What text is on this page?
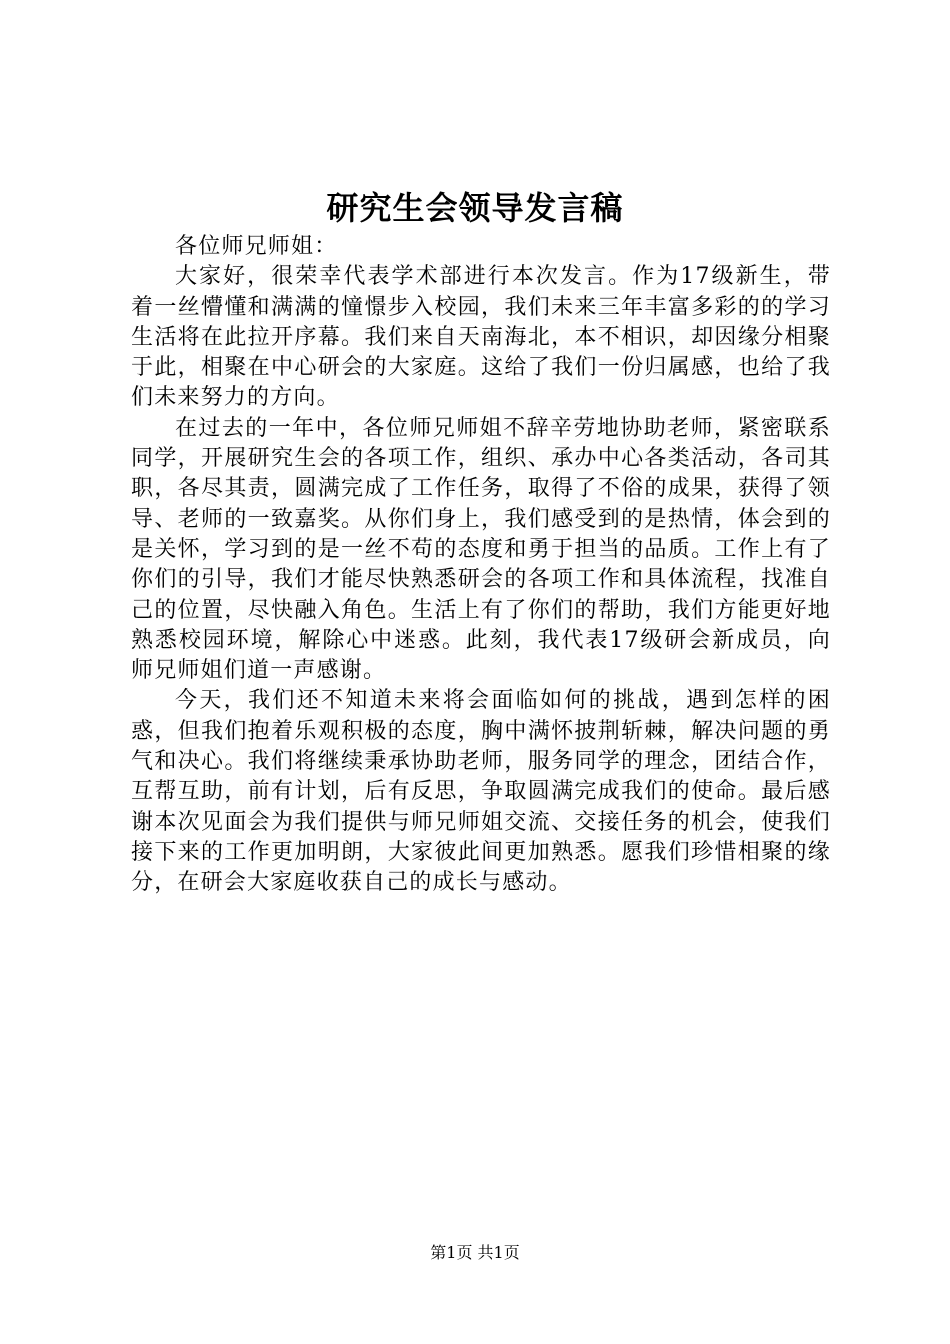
研究生会领导发言稿

各位师兄师姐：

大家好，很荣幸代表学术部进行本次发言。作为17级新生，带着一丝懵懂和满满的憧憬步入校园，我们未来三年丰富多彩的的学习生活将在此拉开序幕。我们来自天南海北，本不相识，却因缘分相聚于此，相聚在中心研会的大家庭。这给了我们一份归属感，也给了我们未来努力的方向。

在过去的一年中，各位师兄师姐不辞辛劳地协助老师，紧密联系同学，开展研究生会的各项工作，组织、承办中心各类活动，各司其职，各尽其责，圆满完成了工作任务，取得了不俗的成果，获得了领导、老师的一致嘉奖。从你们身上，我们感受到的是热情，体会到的是关怀，学习到的是一丝不苟的态度和勇于担当的品质。工作上有了你们的引导，我们才能尽快熟悉研会的各项工作和具体流程，找准自己的位置，尽快融入角色。生活上有了你们的帮助，我们方能更好地熟悉校园环境，解除心中迷惑。此刻，我代表17级研会新成员，向师兄师姐们道一声感谢。

今天，我们还不知道未来将会面临如何的挑战，遇到怎样的困惑，但我们抱着乐观积极的态度，胸中满怀披荆斩棘，解决问题的勇气和决心。我们将继续秉承协助老师，服务同学的理念，团结合作，互帮互助，前有计划，后有反思，争取圆满完成我们的使命。最后感谢本次见面会为我们提供与师兄师姐交流、交接任务的机会，使我们接下来的工作更加明朗，大家彼此间更加熟悉。愿我们珍惜相聚的缘分，在研会大家庭收获自己的成长与感动。

第1页 共1页
